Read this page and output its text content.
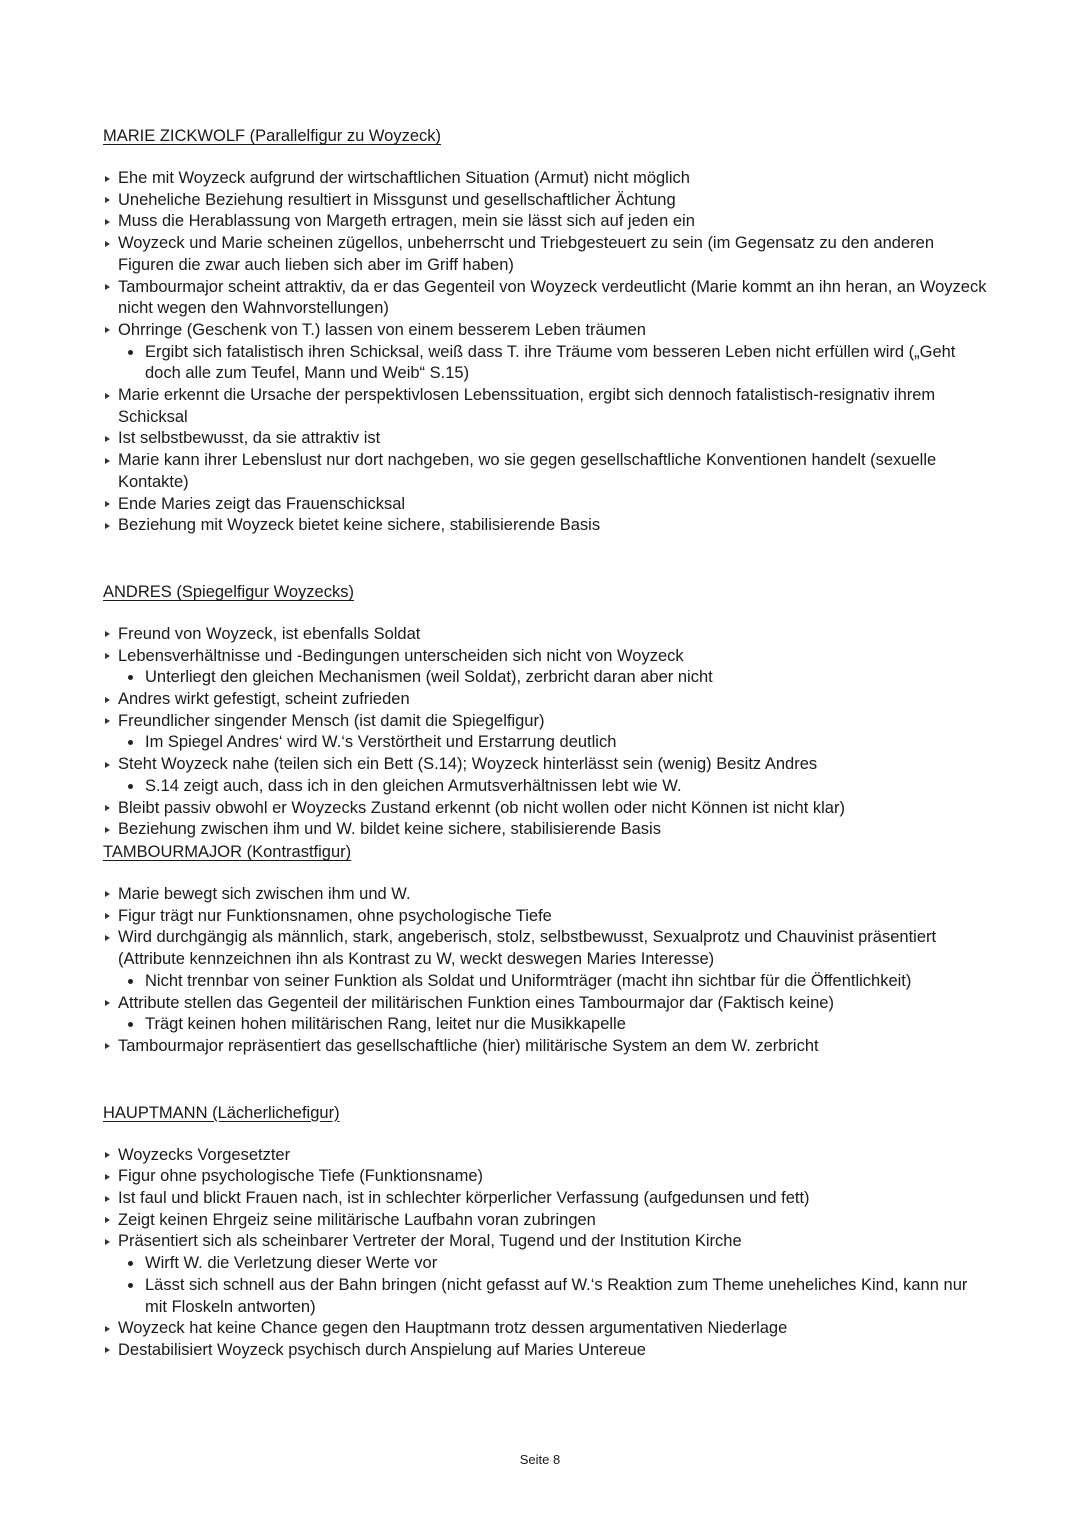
MARIE ZICKWOLF (Parallelfigur zu Woyzeck)
Ehe mit Woyzeck aufgrund der wirtschaftlichen Situation (Armut) nicht möglich
Uneheliche Beziehung resultiert in Missgunst und gesellschaftlicher Ächtung
Muss die Herablassung von Margeth ertragen, mein sie lässt sich auf jeden ein
Woyzeck und Marie scheinen zügellos, unbeherrscht und Triebgesteuert zu sein (im Gegensatz zu den anderen Figuren die zwar auch lieben sich aber im Griff haben)
Tambourmajor scheint attraktiv, da er das Gegenteil von Woyzeck verdeutlicht (Marie kommt an ihn heran, an Woyzeck nicht wegen den Wahnvorstellungen)
Ohrringe (Geschenk von T.) lassen von einem besserem Leben träumen
Ergibt sich fatalistisch ihren Schicksal, weiß dass T. ihre Träume vom besseren Leben nicht erfüllen wird („Geht doch alle zum Teufel, Mann und Weib“ S.15)
Marie erkennt die Ursache der perspektivlosen Lebenssituation, ergibt sich dennoch fatalistisch-resignativ ihrem Schicksal
Ist selbstbewusst, da sie attraktiv ist
Marie kann ihrer Lebenslust nur dort nachgeben, wo sie gegen gesellschaftliche Konventionen handelt (sexuelle Kontakte)
Ende Maries zeigt das Frauenschicksal
Beziehung mit Woyzeck bietet keine sichere, stabilisierende Basis
ANDRES (Spiegelfigur Woyzecks)
Freund von Woyzeck, ist ebenfalls Soldat
Lebensverhältnisse und -Bedingungen unterscheiden sich nicht von Woyzeck
Unterliegt den gleichen Mechanismen (weil Soldat), zerbricht daran aber nicht
Andres wirkt gefestigt, scheint zufrieden
Freundlicher singender Mensch (ist damit die Spiegelfigur)
Im Spiegel Andres‘ wird W.‘s Verstörtheit und Erstarrung deutlich
Steht Woyzeck nahe (teilen sich ein Bett (S.14); Woyzeck hinterlässt sein (wenig) Besitz Andres
S.14 zeigt auch, dass ich in den gleichen Armutsverhältnissen lebt wie W.
Bleibt passiv obwohl er Woyzecks Zustand erkennt (ob nicht wollen oder nicht Können ist nicht klar)
Beziehung zwischen ihm und W. bildet keine sichere, stabilisierende Basis
TAMBOURMAJOR (Kontrastfigur)
Marie bewegt sich zwischen ihm und W.
Figur trägt nur Funktionsnamen, ohne psychologische Tiefe
Wird durchgängig als männlich, stark, angeberisch, stolz, selbstbewusst, Sexualprotz und Chauvinist präsentiert (Attribute kennzeichnen ihn als Kontrast zu W, weckt deswegen Maries Interesse)
Nicht trennbar von seiner Funktion als Soldat und Uniformträger (macht ihn sichtbar für die Öffentlichkeit)
Attribute stellen das Gegenteil der militärischen Funktion eines Tambourmajor dar (Faktisch keine)
Trägt keinen hohen militärischen Rang, leitet nur die Musikkapelle
Tambourmajor repräsentiert das gesellschaftliche (hier) militärische System an dem W. zerbricht
HAUPTMANN (Lächerlichefigur)
Woyzecks Vorgesetzter
Figur ohne psychologische Tiefe (Funktionsname)
Ist faul und blickt Frauen nach, ist in schlechter körperlicher Verfassung (aufgedunsen und fett)
Zeigt keinen Ehrgeiz seine militärische Laufbahn voran zubringen
Präsentiert sich als scheinbarer Vertreter der Moral, Tugend und der Institution Kirche
Wirft W. die Verletzung dieser Werte vor
Lässt sich schnell aus der Bahn bringen (nicht gefasst auf W.‘s Reaktion zum Theme uneheliches Kind, kann nur mit Floskeln antworten)
Woyzeck hat keine Chance gegen den Hauptmann trotz dessen argumentativen Niederlage
Destabilisiert Woyzeck psychisch durch Anspielung auf Maries Untereue
Seite 8
